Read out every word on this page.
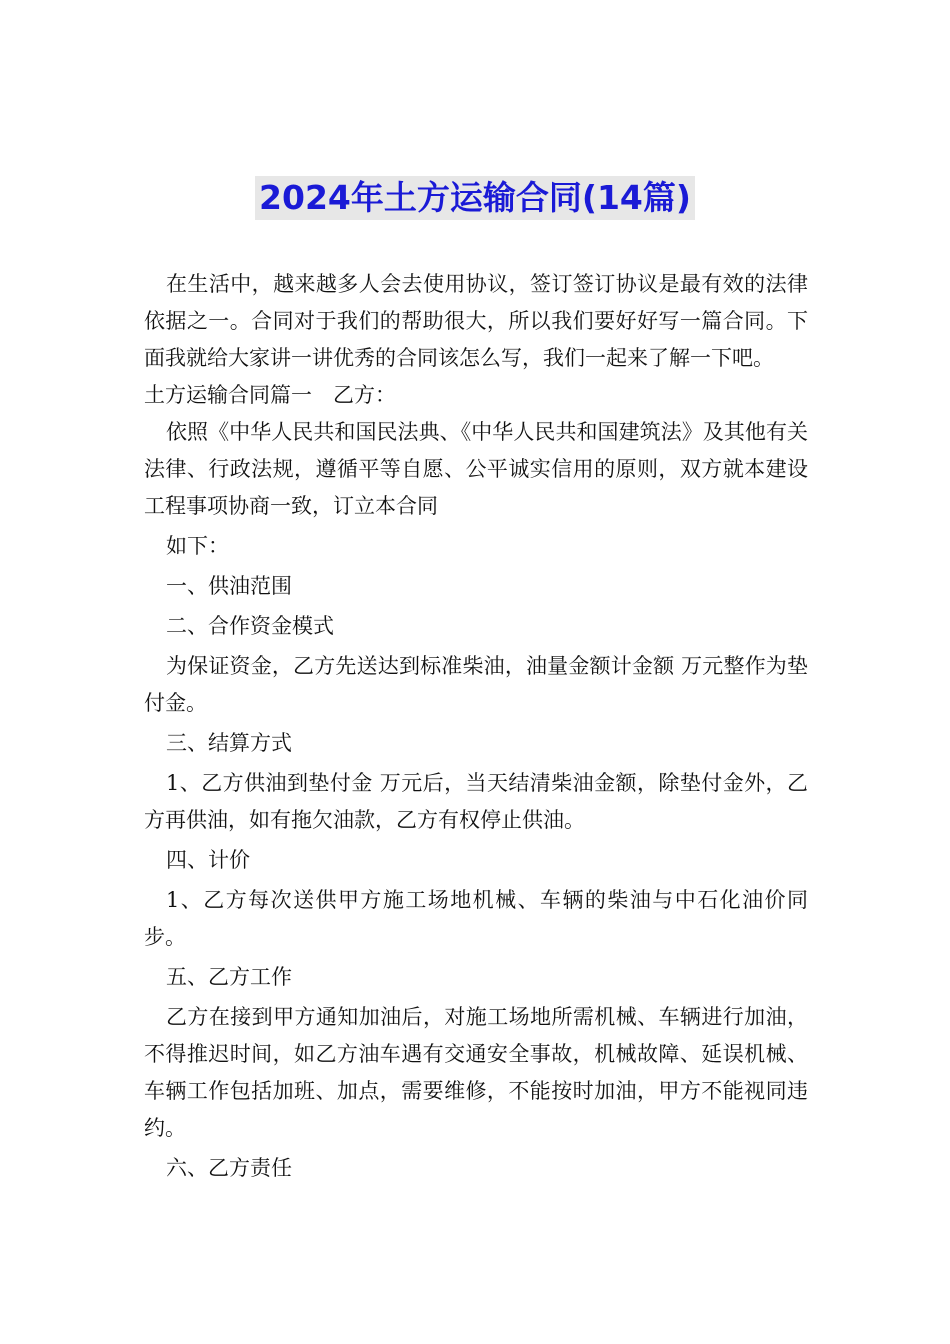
2024年土方运输合同(14篇)

在生活中，越来越多人会去使用协议，签订签订协议是最有效的法律依据之一。合同对于我们的帮助很大，所以我们要好好写一篇合同。下面我就给大家讲一讲优秀的合同该怎么写，我们一起来了解一下吧。

土方运输合同篇一　乙方：

依照《中华人民共和国民法典、《中华人民共和国建筑法》及其他有关法律、行政法规，遵循平等自愿、公平诚实信用的原则，双方就本建设工程事项协商一致，订立本合同

如下：

一、供油范围

二、合作资金模式

为保证资金，乙方先送达到标准柴油，油量金额计金额 万元整作为垫付金。

三、结算方式

1、乙方供油到垫付金 万元后，当天结清柴油金额，除垫付金外，乙方再供油，如有拖欠油款，乙方有权停止供油。

四、计价

1、乙方每次送供甲方施工场地机械、车辆的柴油与中石化油价同步。

五、乙方工作

乙方在接到甲方通知加油后，对施工场地所需机械、车辆进行加油，不得推迟时间，如乙方油车遇有交通安全事故，机械故障、延误机械、车辆工作包括加班、加点，需要维修，不能按时加油，甲方不能视同违约。

六、乙方责任
